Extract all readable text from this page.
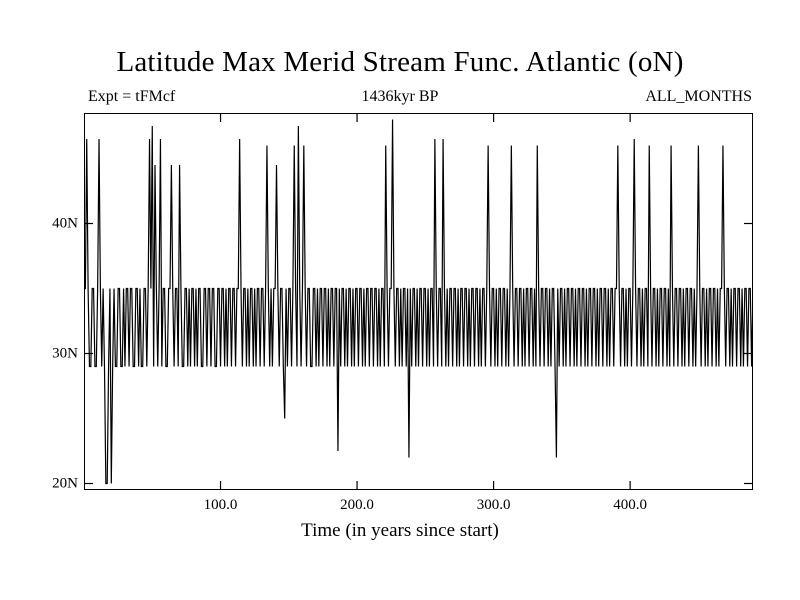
Latitude Max Merid Stream Func. Atlantic (oN)
Expt = tFMcf	1436kyr BP	ALL_MONTHS
Time (in years since start)
20N
30N
40N
100.0	200.0	300.0	400.0
